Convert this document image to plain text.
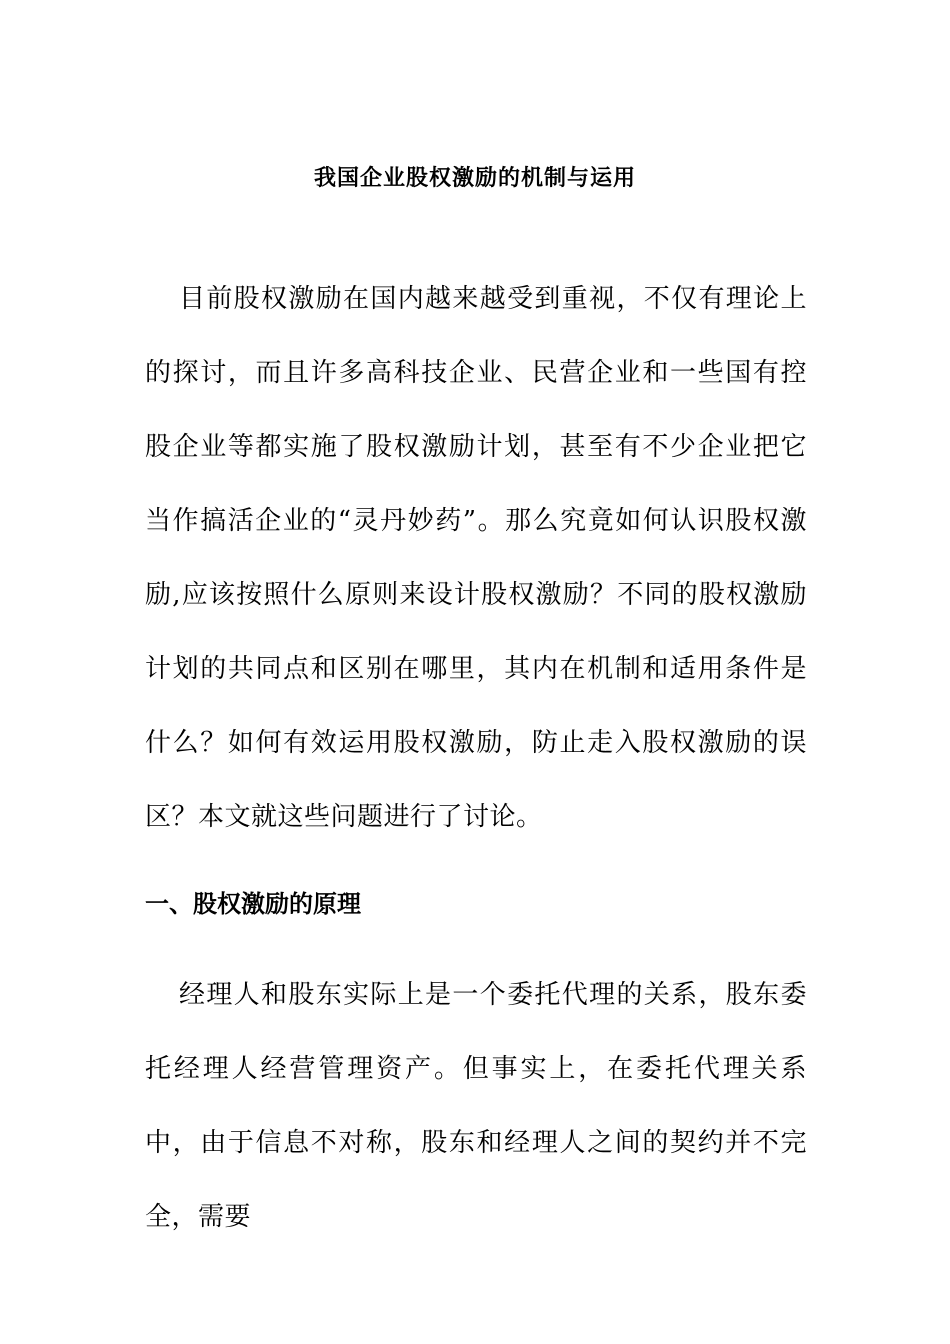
我国企业股权激励的机制与运用

目前股权激励在国内越来越受到重视，不仅有理论上的探讨，而且许多高科技企业、民营企业和一些国有控股企业等都实施了股权激励计划，甚至有不少企业把它当作搞活企业的“灵丹妙药”。那么究竟如何认识股权激励,应该按照什么原则来设计股权激励？不同的股权激励计划的共同点和区别在哪里，其内在机制和适用条件是什么？如何有效运用股权激励，防止走入股权激励的误区？本文就这些问题进行了讨论。

一、股权激励的原理

经理人和股东实际上是一个委托代理的关系，股东委托经理人经营管理资产。但事实上，在委托代理关系中，由于信息不对称，股东和经理人之间的契约并不完全，需要
